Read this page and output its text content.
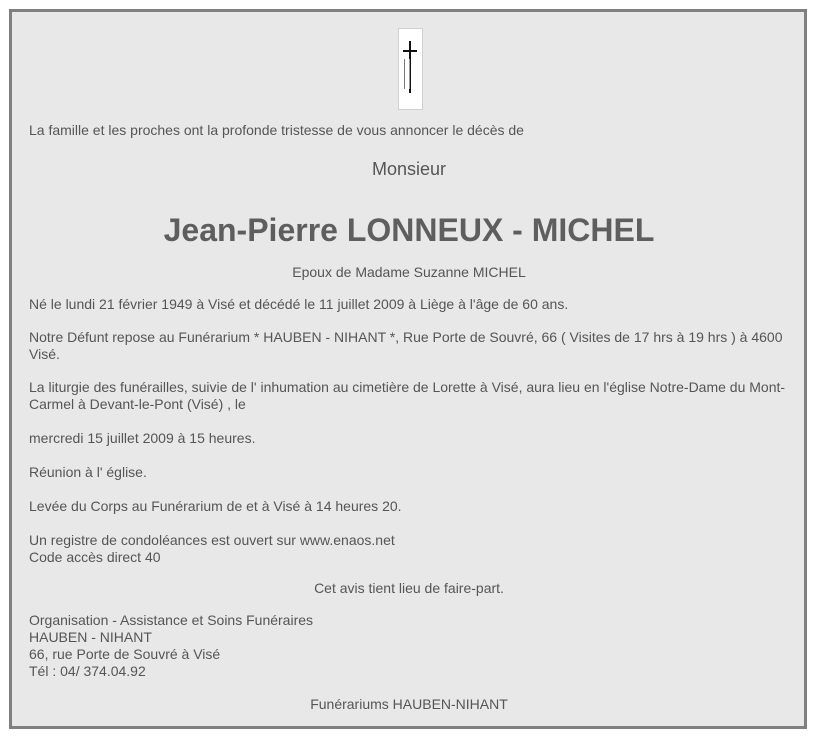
La famille et les proches ont la profonde tristesse de vous annoncer le décès de
Monsieur
Jean-Pierre LONNEUX - MICHEL
Epoux de Madame Suzanne MICHEL
Né le lundi 21 février 1949 à Visé et décédé le 11 juillet 2009 à Liège à l'âge de 60 ans.
Notre Défunt repose au Funérarium * HAUBEN - NIHANT *, Rue Porte de Souvré, 66 ( Visites de 17 hrs à 19 hrs ) à 4600 Visé.
La liturgie des funérailles, suivie de l' inhumation au cimetière de Lorette à Visé, aura lieu en l'église Notre-Dame du Mont-Carmel à Devant-le-Pont (Visé) , le
mercredi 15 juillet 2009 à 15 heures.
Réunion à l' église.
Levée du Corps au Funérarium de et à Visé à 14 heures 20.
Un registre de condoléances est ouvert sur www.enaos.net
Code accès direct 40
Cet avis tient lieu de faire-part.
Organisation - Assistance et Soins Funéraires
HAUBEN - NIHANT
66, rue Porte de Souvré à Visé
Tél : 04/ 374.04.92
Funérariums HAUBEN-NIHANT
